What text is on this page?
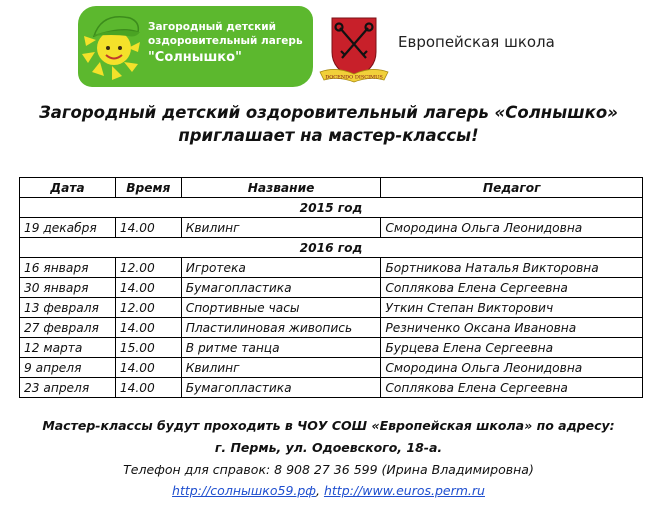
Загородный детский
оздоровительный лагерь
"Солнышко"
DOCENDO DISCIMUS
Европейская школа
Загородный детский оздоровительный лагерь «Солнышко»
приглашает на мастер-классы!
Дата	Время	Название	Педагог
2015 год			
19 декабря	14.00	Квилинг	Смородина Ольга Леонидовна
2016 год			
16 января	12.00	Игротека	Бортникова Наталья Викторовна
30 января	14.00	Бумагопластика	Соплякова Елена Сергеевна
13 февраля	12.00	Спортивные часы	Уткин Степан Викторович
27 февраля	14.00	Пластилиновая живопись	Резниченко Оксана Ивановна
12 марта	15.00	В ритме танца	Бурцева Елена Сергеевна
9 апреля	14.00	Квилинг	Смородина Ольга Леонидовна
23 апреля	14.00	Бумагопластика	Соплякова Елена Сергеевна
Мастер-классы будут проходить в ЧОУ СОШ «Европейская школа» по адресу:
г. Пермь, ул. Одоевского, 18-а.
Телефон для справок: 8 908 27 36 599 (Ирина Владимировна)
http://солнышко59.рф, http://www.euros.perm.ru
